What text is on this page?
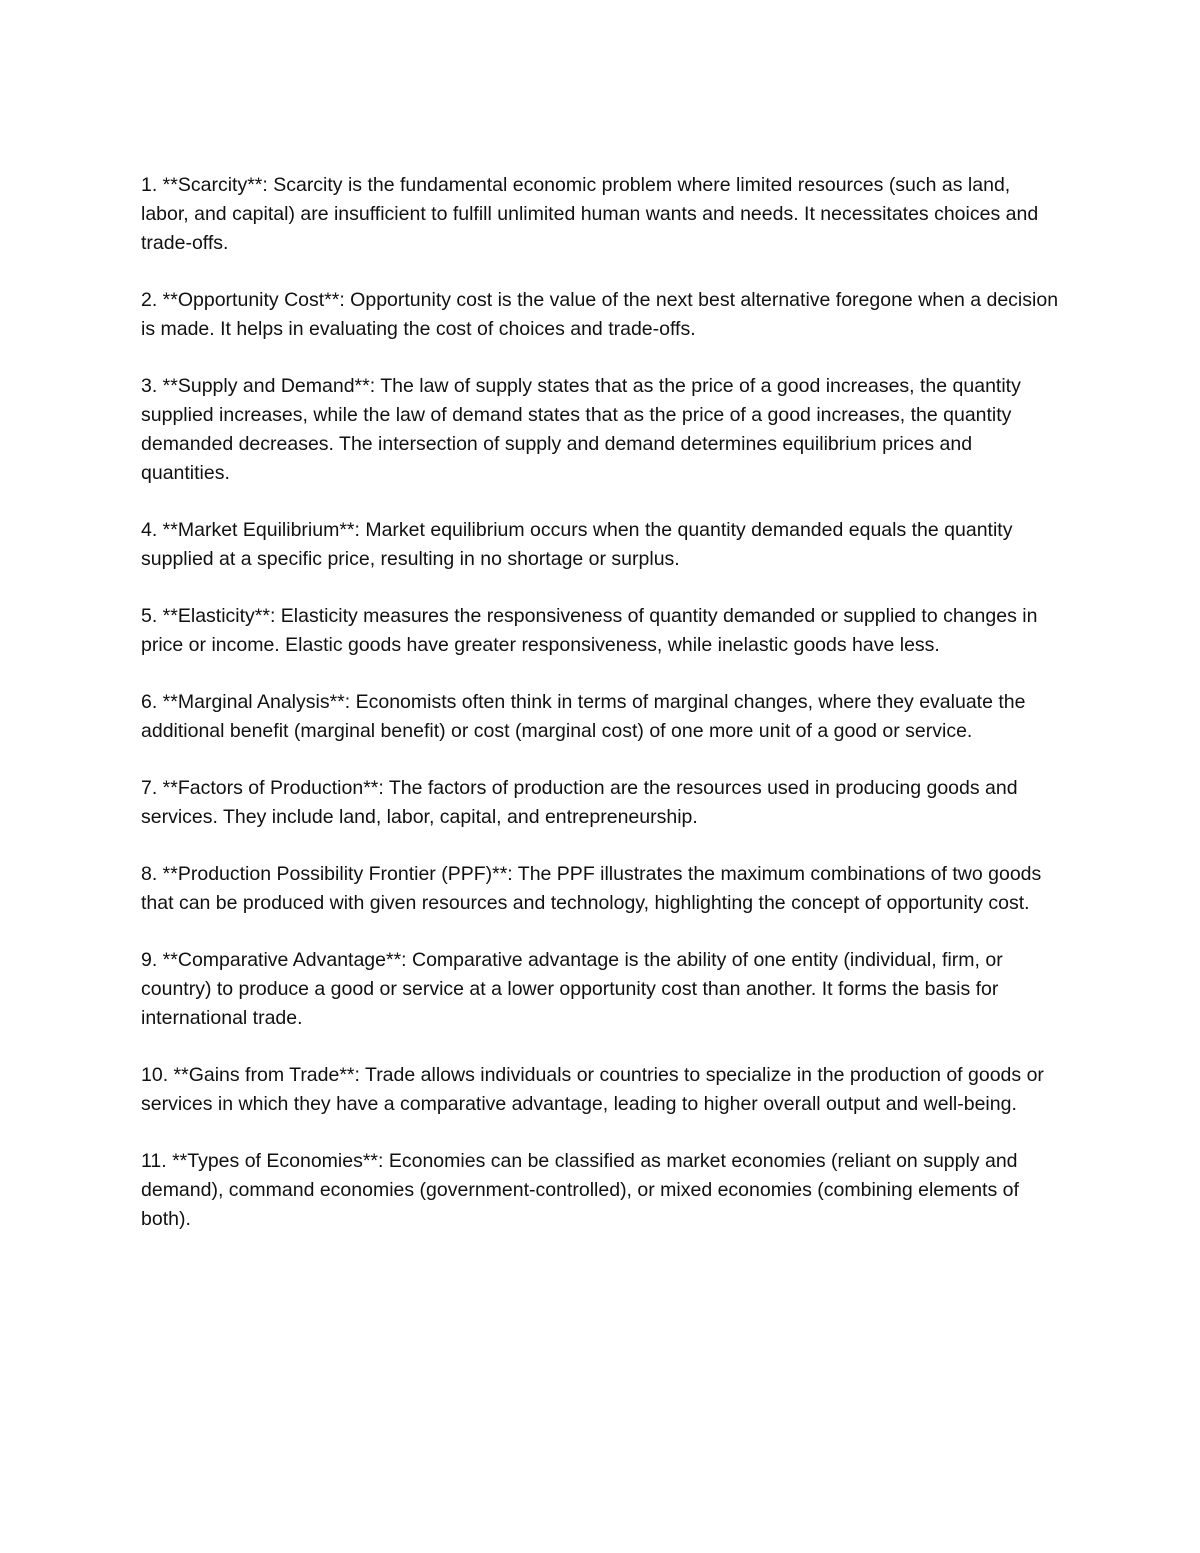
1. **Scarcity**: Scarcity is the fundamental economic problem where limited resources (such as land, labor, and capital) are insufficient to fulfill unlimited human wants and needs. It necessitates choices and trade-offs.

2. **Opportunity Cost**: Opportunity cost is the value of the next best alternative foregone when a decision is made. It helps in evaluating the cost of choices and trade-offs.

3. **Supply and Demand**: The law of supply states that as the price of a good increases, the quantity supplied increases, while the law of demand states that as the price of a good increases, the quantity demanded decreases. The intersection of supply and demand determines equilibrium prices and quantities.

4. **Market Equilibrium**: Market equilibrium occurs when the quantity demanded equals the quantity supplied at a specific price, resulting in no shortage or surplus.

5. **Elasticity**: Elasticity measures the responsiveness of quantity demanded or supplied to changes in price or income. Elastic goods have greater responsiveness, while inelastic goods have less.

6. **Marginal Analysis**: Economists often think in terms of marginal changes, where they evaluate the additional benefit (marginal benefit) or cost (marginal cost) of one more unit of a good or service.

7. **Factors of Production**: The factors of production are the resources used in producing goods and services. They include land, labor, capital, and entrepreneurship.

8. **Production Possibility Frontier (PPF)**: The PPF illustrates the maximum combinations of two goods that can be produced with given resources and technology, highlighting the concept of opportunity cost.

9. **Comparative Advantage**: Comparative advantage is the ability of one entity (individual, firm, or country) to produce a good or service at a lower opportunity cost than another. It forms the basis for international trade.

10. **Gains from Trade**: Trade allows individuals or countries to specialize in the production of goods or services in which they have a comparative advantage, leading to higher overall output and well-being.

11. **Types of Economies**: Economies can be classified as market economies (reliant on supply and demand), command economies (government-controlled), or mixed economies (combining elements of both).
